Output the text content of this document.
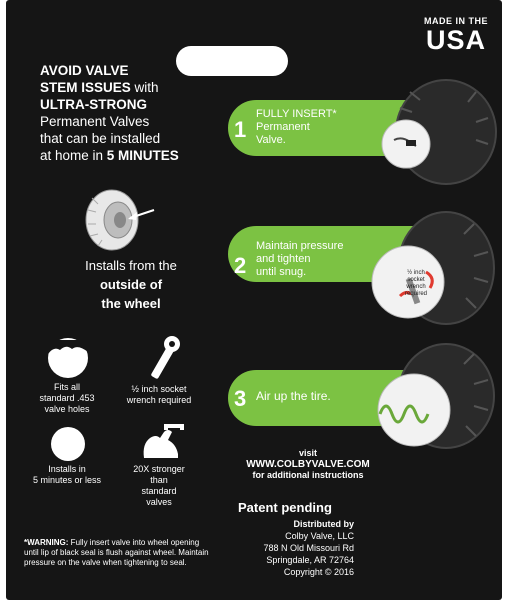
MADE IN THE
USA
AVOID VALVE
STEM ISSUES with
ULTRA-STRONG
Permanent Valves
that can be installed
at home in 5 MINUTES
Installs from the
outside of
the wheel
Fits all
standard .453
valve holes
½ inch socket
wrench required
Installs in
5 minutes or less
20X stronger
than
standard
valves
1
FULLY INSERT*
Permanent
Valve.
2
Maintain pressure
and tighten
until snug.	½ inch
socket
wrench
required
3 Air up the tire.
visit
WWW.COLBYVALVE.COM
for additional instructions
Patent pending
Distributed by
Colby Valve, LLC
788 N Old Missouri Rd
Springdale, AR 72764
Copyright © 2016
*WARNING: Fully insert valve into wheel opening until lip of black seal is flush against wheel. Maintain pressure on the valve when tightening to seal.
